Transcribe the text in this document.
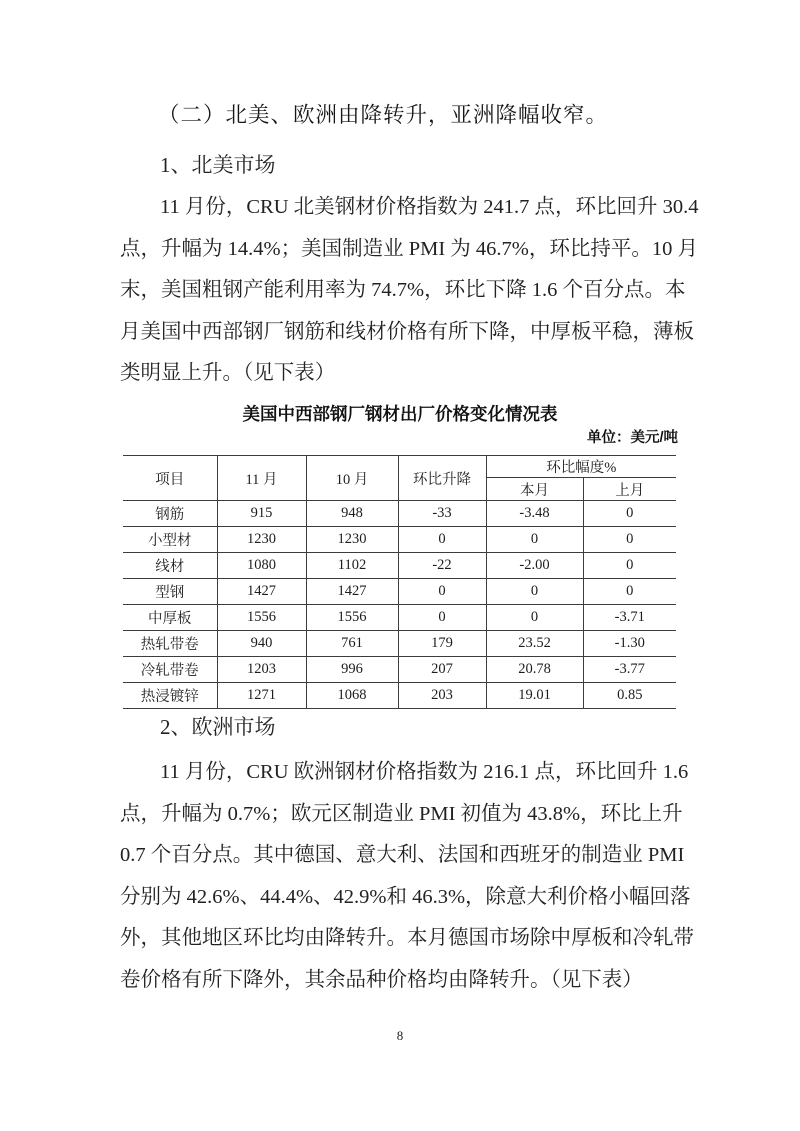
（二）北美、欧洲由降转升，亚洲降幅收窄。
1、北美市场
11 月份，CRU 北美钢材价格指数为 241.7 点，环比回升 30.4
点，升幅为 14.4%；美国制造业 PMI 为 46.7%，环比持平。10 月
末，美国粗钢产能利用率为 74.7%，环比下降 1.6 个百分点。本
月美国中西部钢厂钢筋和线材价格有所下降，中厚板平稳，薄板
类明显上升。（见下表）
美国中西部钢厂钢材出厂价格变化情况表
单位：美元/吨
项目	11 月	10 月	环比升降	环比幅度%	
				本月	上月
钢筋	915	948	-33	-3.48	0
小型材	1230	1230	0	0	0
线材	1080	1102	-22	-2.00	0
型钢	1427	1427	0	0	0
中厚板	1556	1556	0	0	-3.71
热轧带卷	940	761	179	23.52	-1.30
冷轧带卷	1203	996	207	20.78	-3.77
热浸镀锌	1271	1068	203	19.01	0.85
2、欧洲市场
11 月份，CRU 欧洲钢材价格指数为 216.1 点，环比回升 1.6
点，升幅为 0.7%；欧元区制造业 PMI 初值为 43.8%，环比上升
0.7 个百分点。其中德国、意大利、法国和西班牙的制造业 PMI
分别为 42.6%、44.4%、42.9%和 46.3%，除意大利价格小幅回落
外，其他地区环比均由降转升。本月德国市场除中厚板和冷轧带
卷价格有所下降外，其余品种价格均由降转升。（见下表）
8
